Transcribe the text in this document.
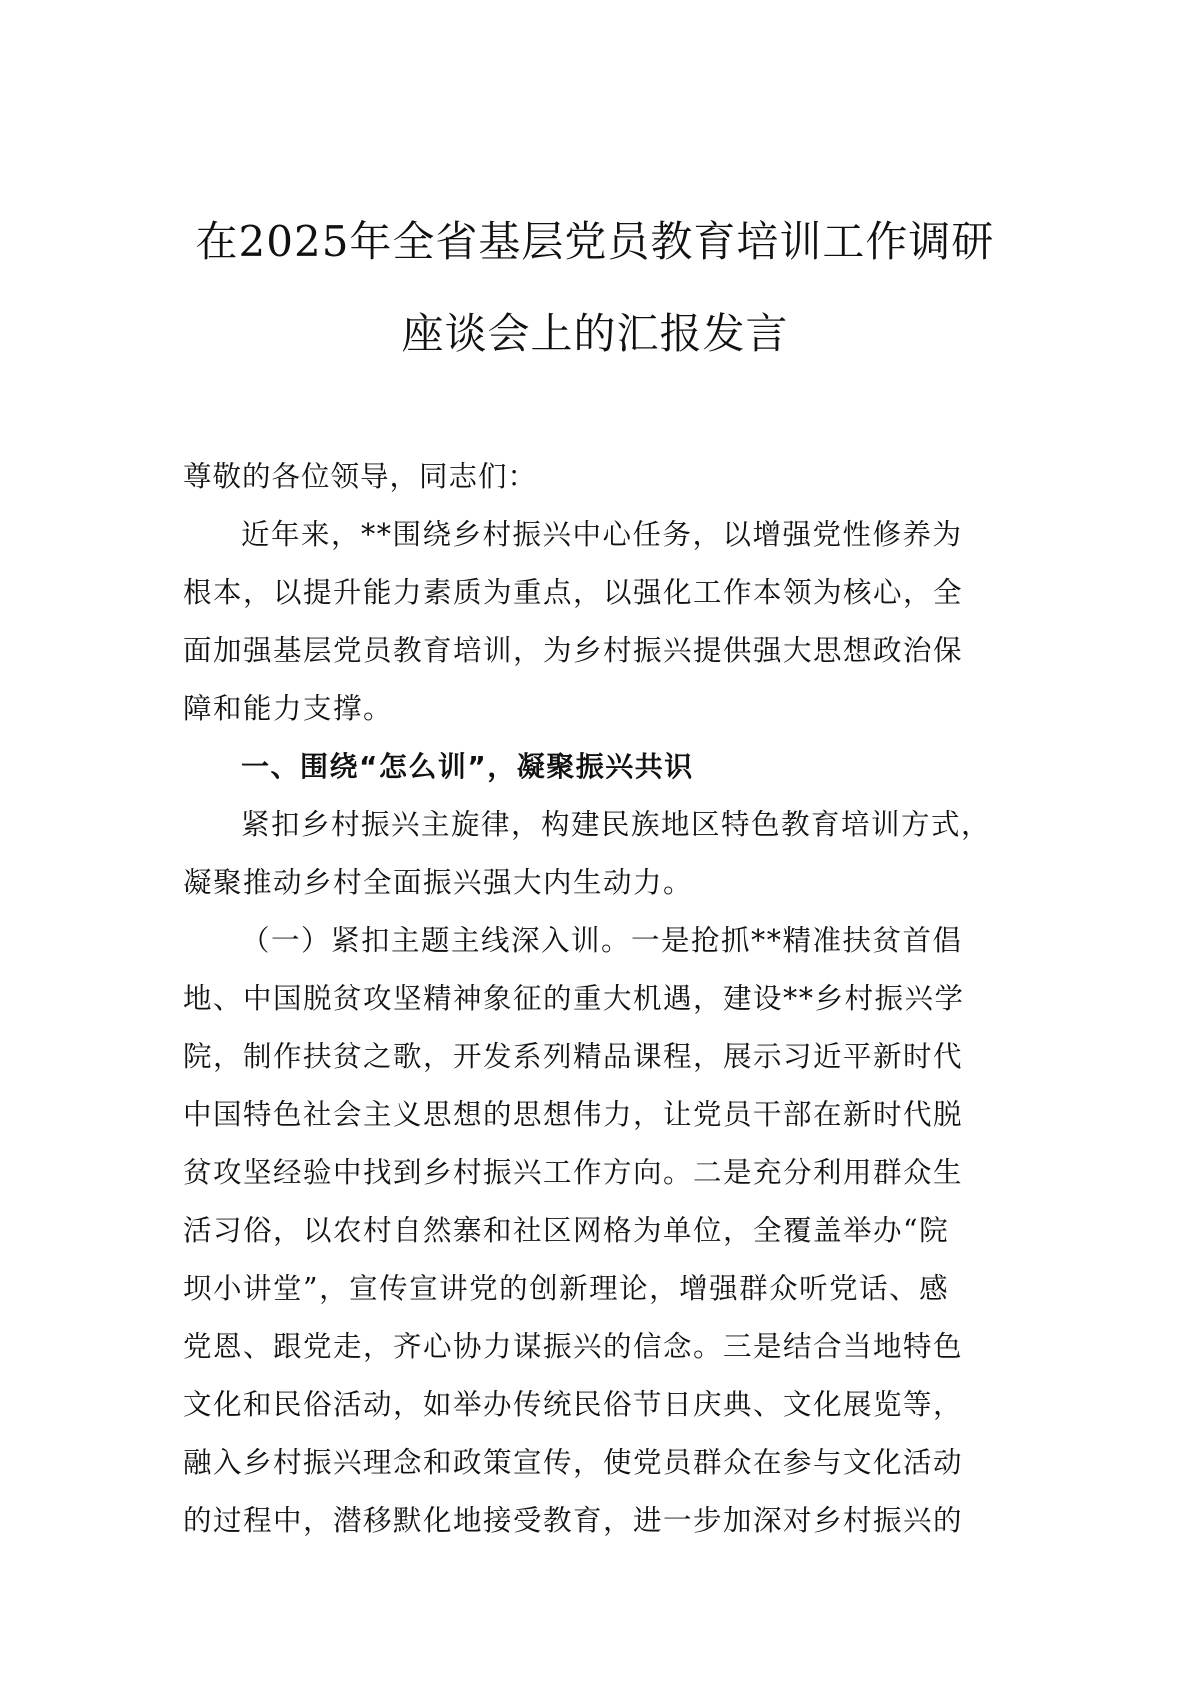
在2025年全省基层党员教育培训工作调研
座谈会上的汇报发言
尊敬的各位领导，同志们：
近年来，**围绕乡村振兴中心任务，以增强党性修养为
根本，以提升能力素质为重点，以强化工作本领为核心，全
面加强基层党员教育培训，为乡村振兴提供强大思想政治保
障和能力支撑。
一、围绕“怎么训”，凝聚振兴共识
紧扣乡村振兴主旋律，构建民族地区特色教育培训方式，
凝聚推动乡村全面振兴强大内生动力。
（一）紧扣主题主线深入训。一是抢抓**精准扶贫首倡
地、中国脱贫攻坚精神象征的重大机遇，建设**乡村振兴学
院，制作扶贫之歌，开发系列精品课程，展示习近平新时代
中国特色社会主义思想的思想伟力，让党员干部在新时代脱
贫攻坚经验中找到乡村振兴工作方向。二是充分利用群众生
活习俗，以农村自然寨和社区网格为单位，全覆盖举办“院
坝小讲堂”，宣传宣讲党的创新理论，增强群众听党话、感
党恩、跟党走，齐心协力谋振兴的信念。三是结合当地特色
文化和民俗活动，如举办传统民俗节日庆典、文化展览等，
融入乡村振兴理念和政策宣传，使党员群众在参与文化活动
的过程中，潜移默化地接受教育，进一步加深对乡村振兴的
